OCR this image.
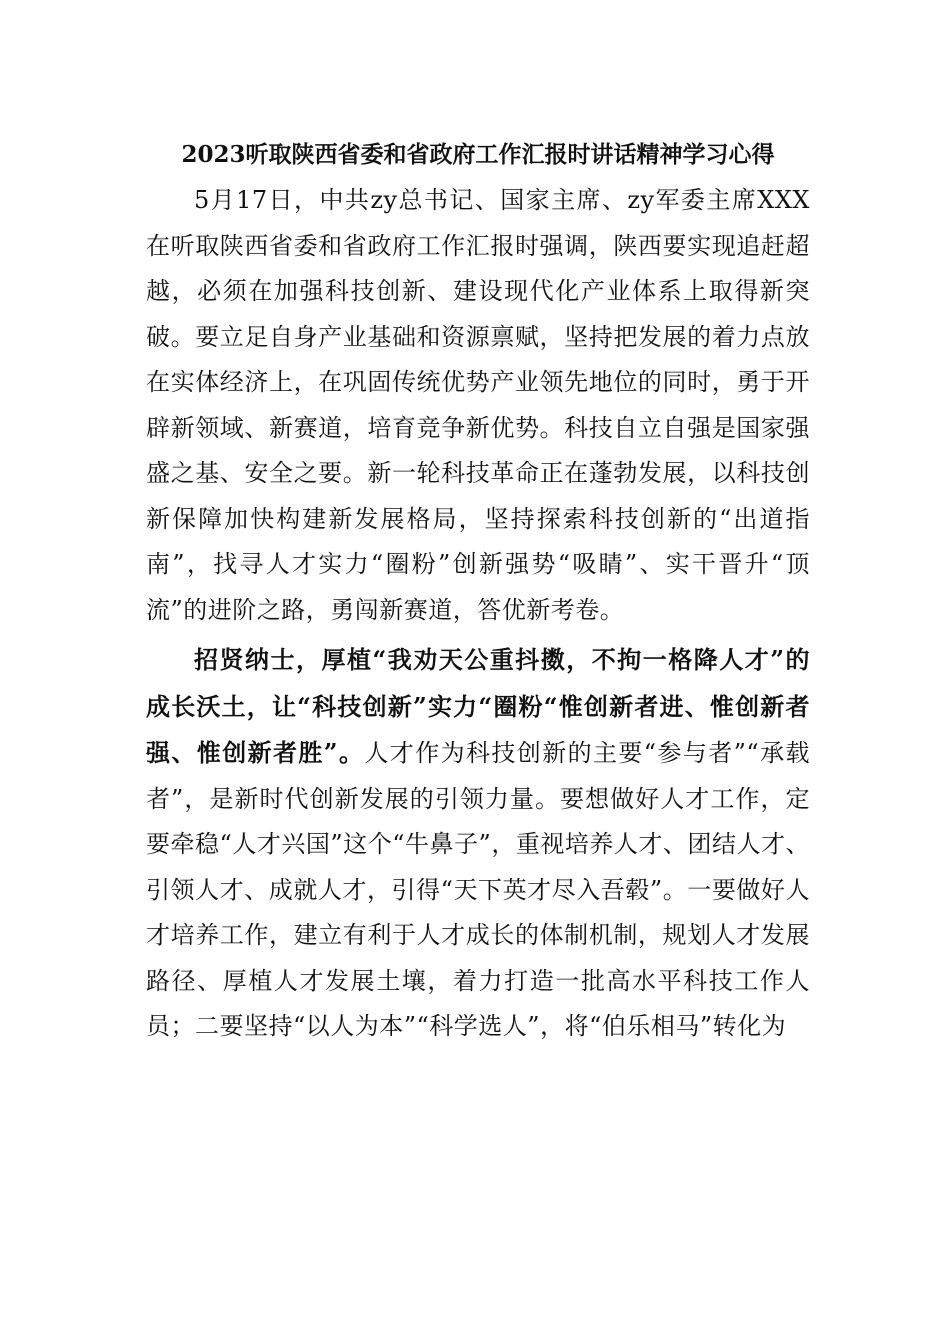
2023听取陕西省委和省政府工作汇报时讲话精神学习心得

5月17日，中共zy总书记、国家主席、zy军委主席XXX在听取陕西省委和省政府工作汇报时强调，陕西要实现追赶超越，必须在加强科技创新、建设现代化产业体系上取得新突破。要立足自身产业基础和资源禀赋，坚持把发展的着力点放在实体经济上，在巩固传统优势产业领先地位的同时，勇于开辟新领域、新赛道，培育竞争新优势。科技自立自强是国家强盛之基、安全之要。新一轮科技革命正在蓬勃发展，以科技创新保障加快构建新发展格局，坚持探索科技创新的“出道指南”，找寻人才实力“圈粉”创新强势“吸睛”、实干晋升“顶流”的进阶之路，勇闯新赛道，答优新考卷。

招贤纳士，厚植“我劝天公重抖擞，不拘一格降人才”的成长沃土，让“科技创新”实力“圈粉“惟创新者进、惟创新者强、惟创新者胜”。人才作为科技创新的主要“参与者”“承载者”，是新时代创新发展的引领力量。要想做好人才工作，定要牵稳“人才兴国”这个“牛鼻子”，重视培养人才、团结人才、引领人才、成就人才，引得“天下英才尽入吾毂”。一要做好人才培养工作，建立有利于人才成长的体制机制，规划人才发展路径、厚植人才发展土壤，着力打造一批高水平科技工作人员；二要坚持“以人为本”“科学选人”，将“伯乐相马”转化为
